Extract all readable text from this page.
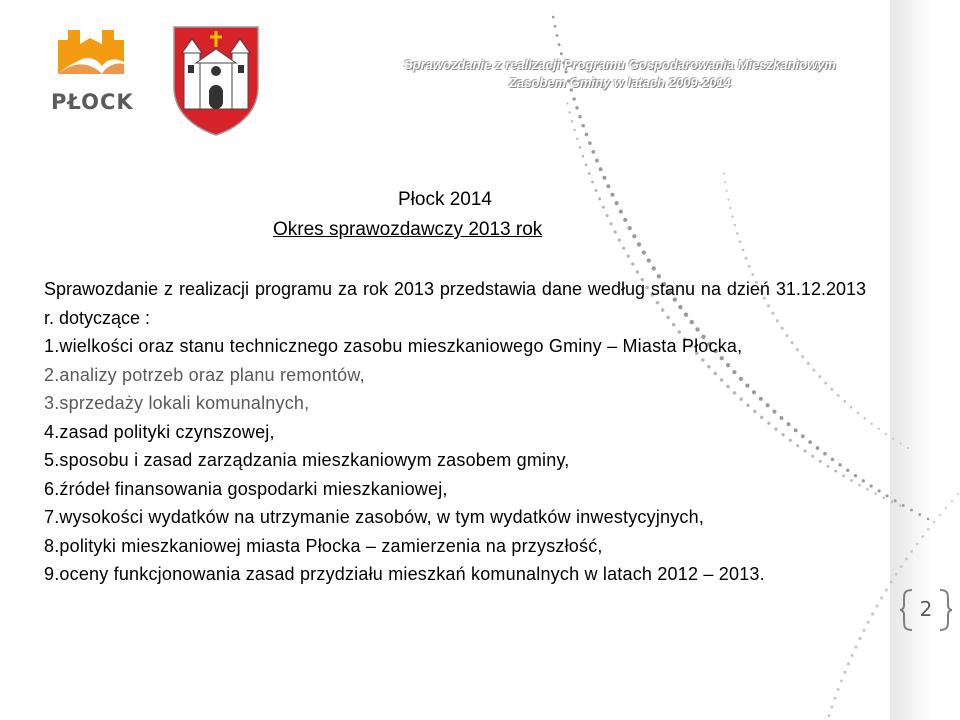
Sprawozdanie z realizacji Programu Gospodarowania Mieszkaniowym
Zasobem Gminy w latach 2009-2014
PŁOCK
Płock 2014
Okres sprawozdawczy 2013 rok

Sprawozdanie z realizacji programu za rok 2013 przedstawia dane według stanu na dzień 31.12.2013 r. dotyczące :

1.wielkości oraz stanu technicznego zasobu mieszkaniowego Gminy – Miasta Płocka,

2.analizy potrzeb oraz planu remontów,

3.sprzedaży lokali komunalnych,

4.zasad polityki czynszowej,

5.sposobu i zasad zarządzania mieszkaniowym zasobem gminy,

6.źródeł finansowania gospodarki mieszkaniowej,

7.wysokości wydatków na utrzymanie zasobów, w tym wydatków inwestycyjnych,

8.polityki mieszkaniowej miasta Płocka – zamierzenia na przyszłość,

9.oceny funkcjonowania zasad przydziału mieszkań komunalnych w latach 2012 – 2013.

2
